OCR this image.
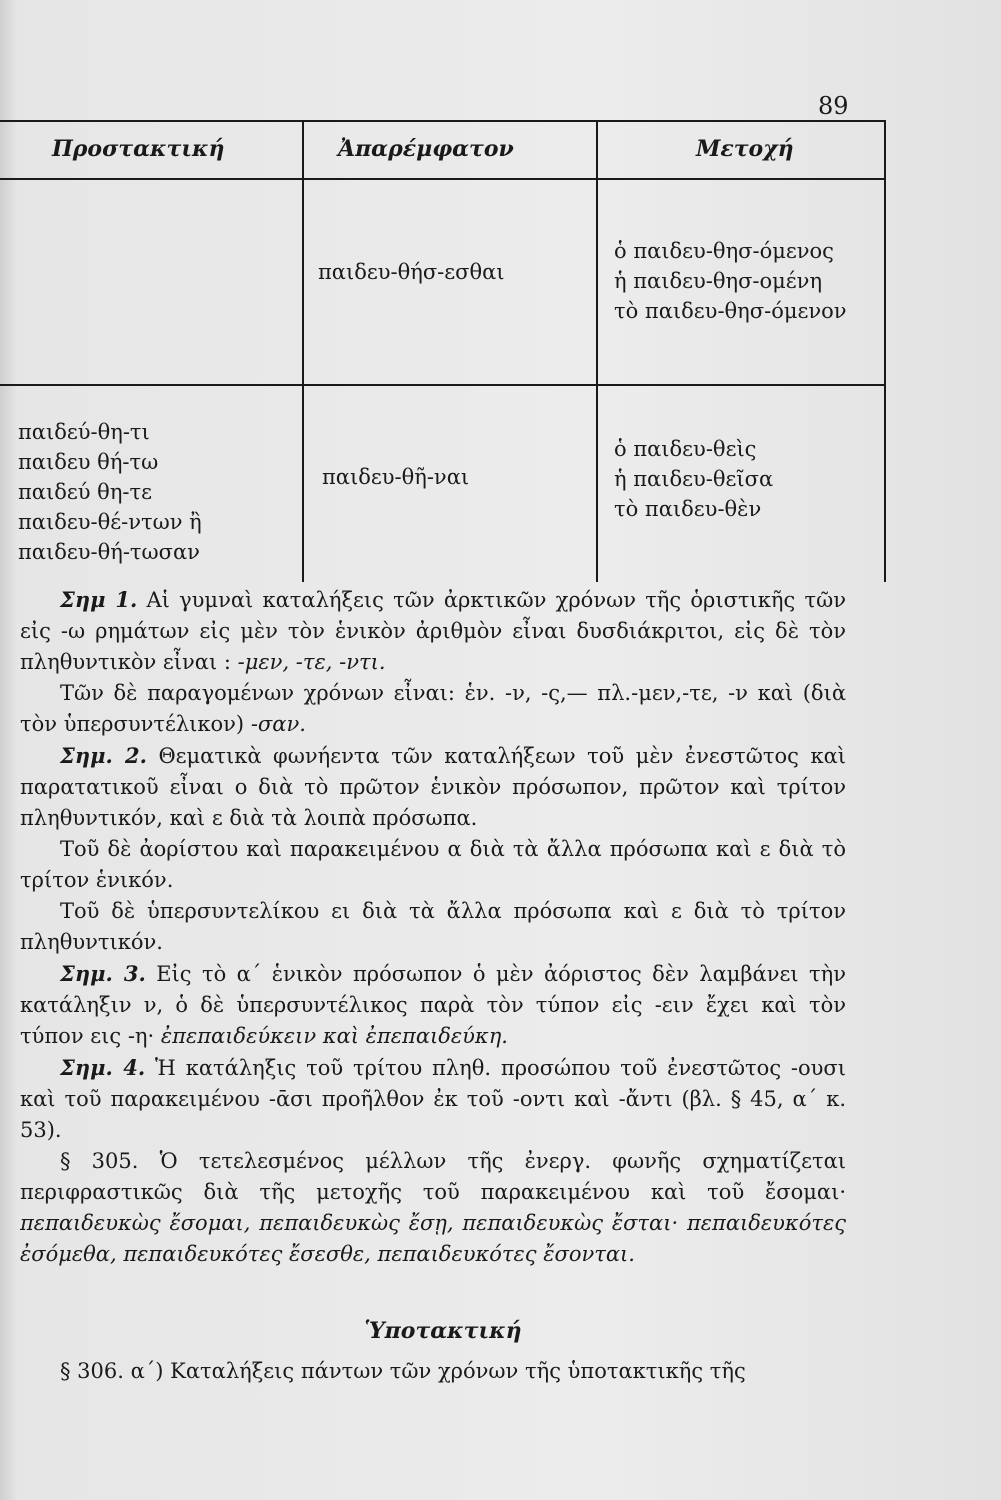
89
Προστακτική	Ἀπαρέμφατον	Μετοχή
παιδευ-θήσ-εσθαι
ὁ παιδευ-θησ-όμενος
ἡ παιδευ-θησ-ομένη
τὸ παιδευ-θησ-όμενον
παιδεύ-θη-τι
παιδευ θή-τω
παιδεύ θη-τε
παιδευ-θέ-ντων ἢ
παιδευ-θή-τωσαν
παιδευ-θῆ-ναι
ὁ παιδευ-θεὶς
ἡ παιδευ-θεῖσα
τὸ παιδευ-θὲν

Σημ 1. Αἱ γυμναὶ καταλήξεις τῶν ἀρκτικῶν χρόνων τῆς ὁριστικῆς τῶν εἰς -ω ρημάτων εἰς μὲν τὸν ἑνικὸν ἀριθμὸν εἶναι δυσδιάκριτοι, εἰς δὲ τὸν πληθυντικὸν εἶναι : -μεν, -τε, -ντι.

Τῶν δὲ παραγομένων χρόνων εἶναι: ἑν. -ν, -ς,— πλ.-μεν,-τε, -ν καὶ (διὰ τὸν ὑπερσυντέλικον) -σαν.

Σημ. 2. Θεματικὰ φωνήεντα τῶν καταλήξεων τοῦ μὲν ἐνεστῶτος καὶ παρατατικοῦ εἶναι ο διὰ τὸ πρῶτον ἑνικὸν πρόσωπον, πρῶτον καὶ τρίτον πληθυντικόν, καὶ ε διὰ τὰ λοιπὰ πρόσωπα.

Τοῦ δὲ ἀορίστου καὶ παρακειμένου α διὰ τὰ ἄλλα πρόσωπα καὶ ε διὰ τὸ τρίτον ἑνικόν.

Τοῦ δὲ ὑπερσυντελίκου ει διὰ τὰ ἄλλα πρόσωπα καὶ ε διὰ τὸ τρίτον πληθυντικόν.

Σημ. 3. Εἰς τὸ α΄ ἑνικὸν πρόσωπον ὁ μὲν ἀόριστος δὲν λαμβάνει τὴν κατάληξιν ν, ὁ δὲ ὑπερσυντέλικος παρὰ τὸν τύπον εἰς -ειν ἔχει καὶ τὸν τύπον εις -η· ἐπεπαιδεύκειν καὶ ἐπεπαιδεύκη.

Σημ. 4. Ἡ κατάληξις τοῦ τρίτου πληθ. προσώπου τοῦ ἐνεστῶτος -ουσι καὶ τοῦ παρακειμένου -ᾱσι προῆλθον ἐκ τοῦ -οντι καὶ -ἄντι (βλ. § 45, α΄ κ. 53).

§ 305. Ὁ τετελεσμένος μέλλων τῆς ἐνεργ. φωνῆς σχηματίζεται περιφραστικῶς διὰ τῆς μετοχῆς τοῦ παρακειμένου καὶ τοῦ ἔσομαι· πεπαιδευκὼς ἔσομαι, πεπαιδευκὼς ἔσῃ, πεπαιδευκὼς ἔσται· πεπαιδευκότες ἐσόμεθα, πεπαιδευκότες ἔσεσθε, πεπαιδευκότες ἔσονται.

Ὑποτακτική

§ 306. α΄) Καταλήξεις πάντων τῶν χρόνων τῆς ὑποτακτικῆς τῆς
